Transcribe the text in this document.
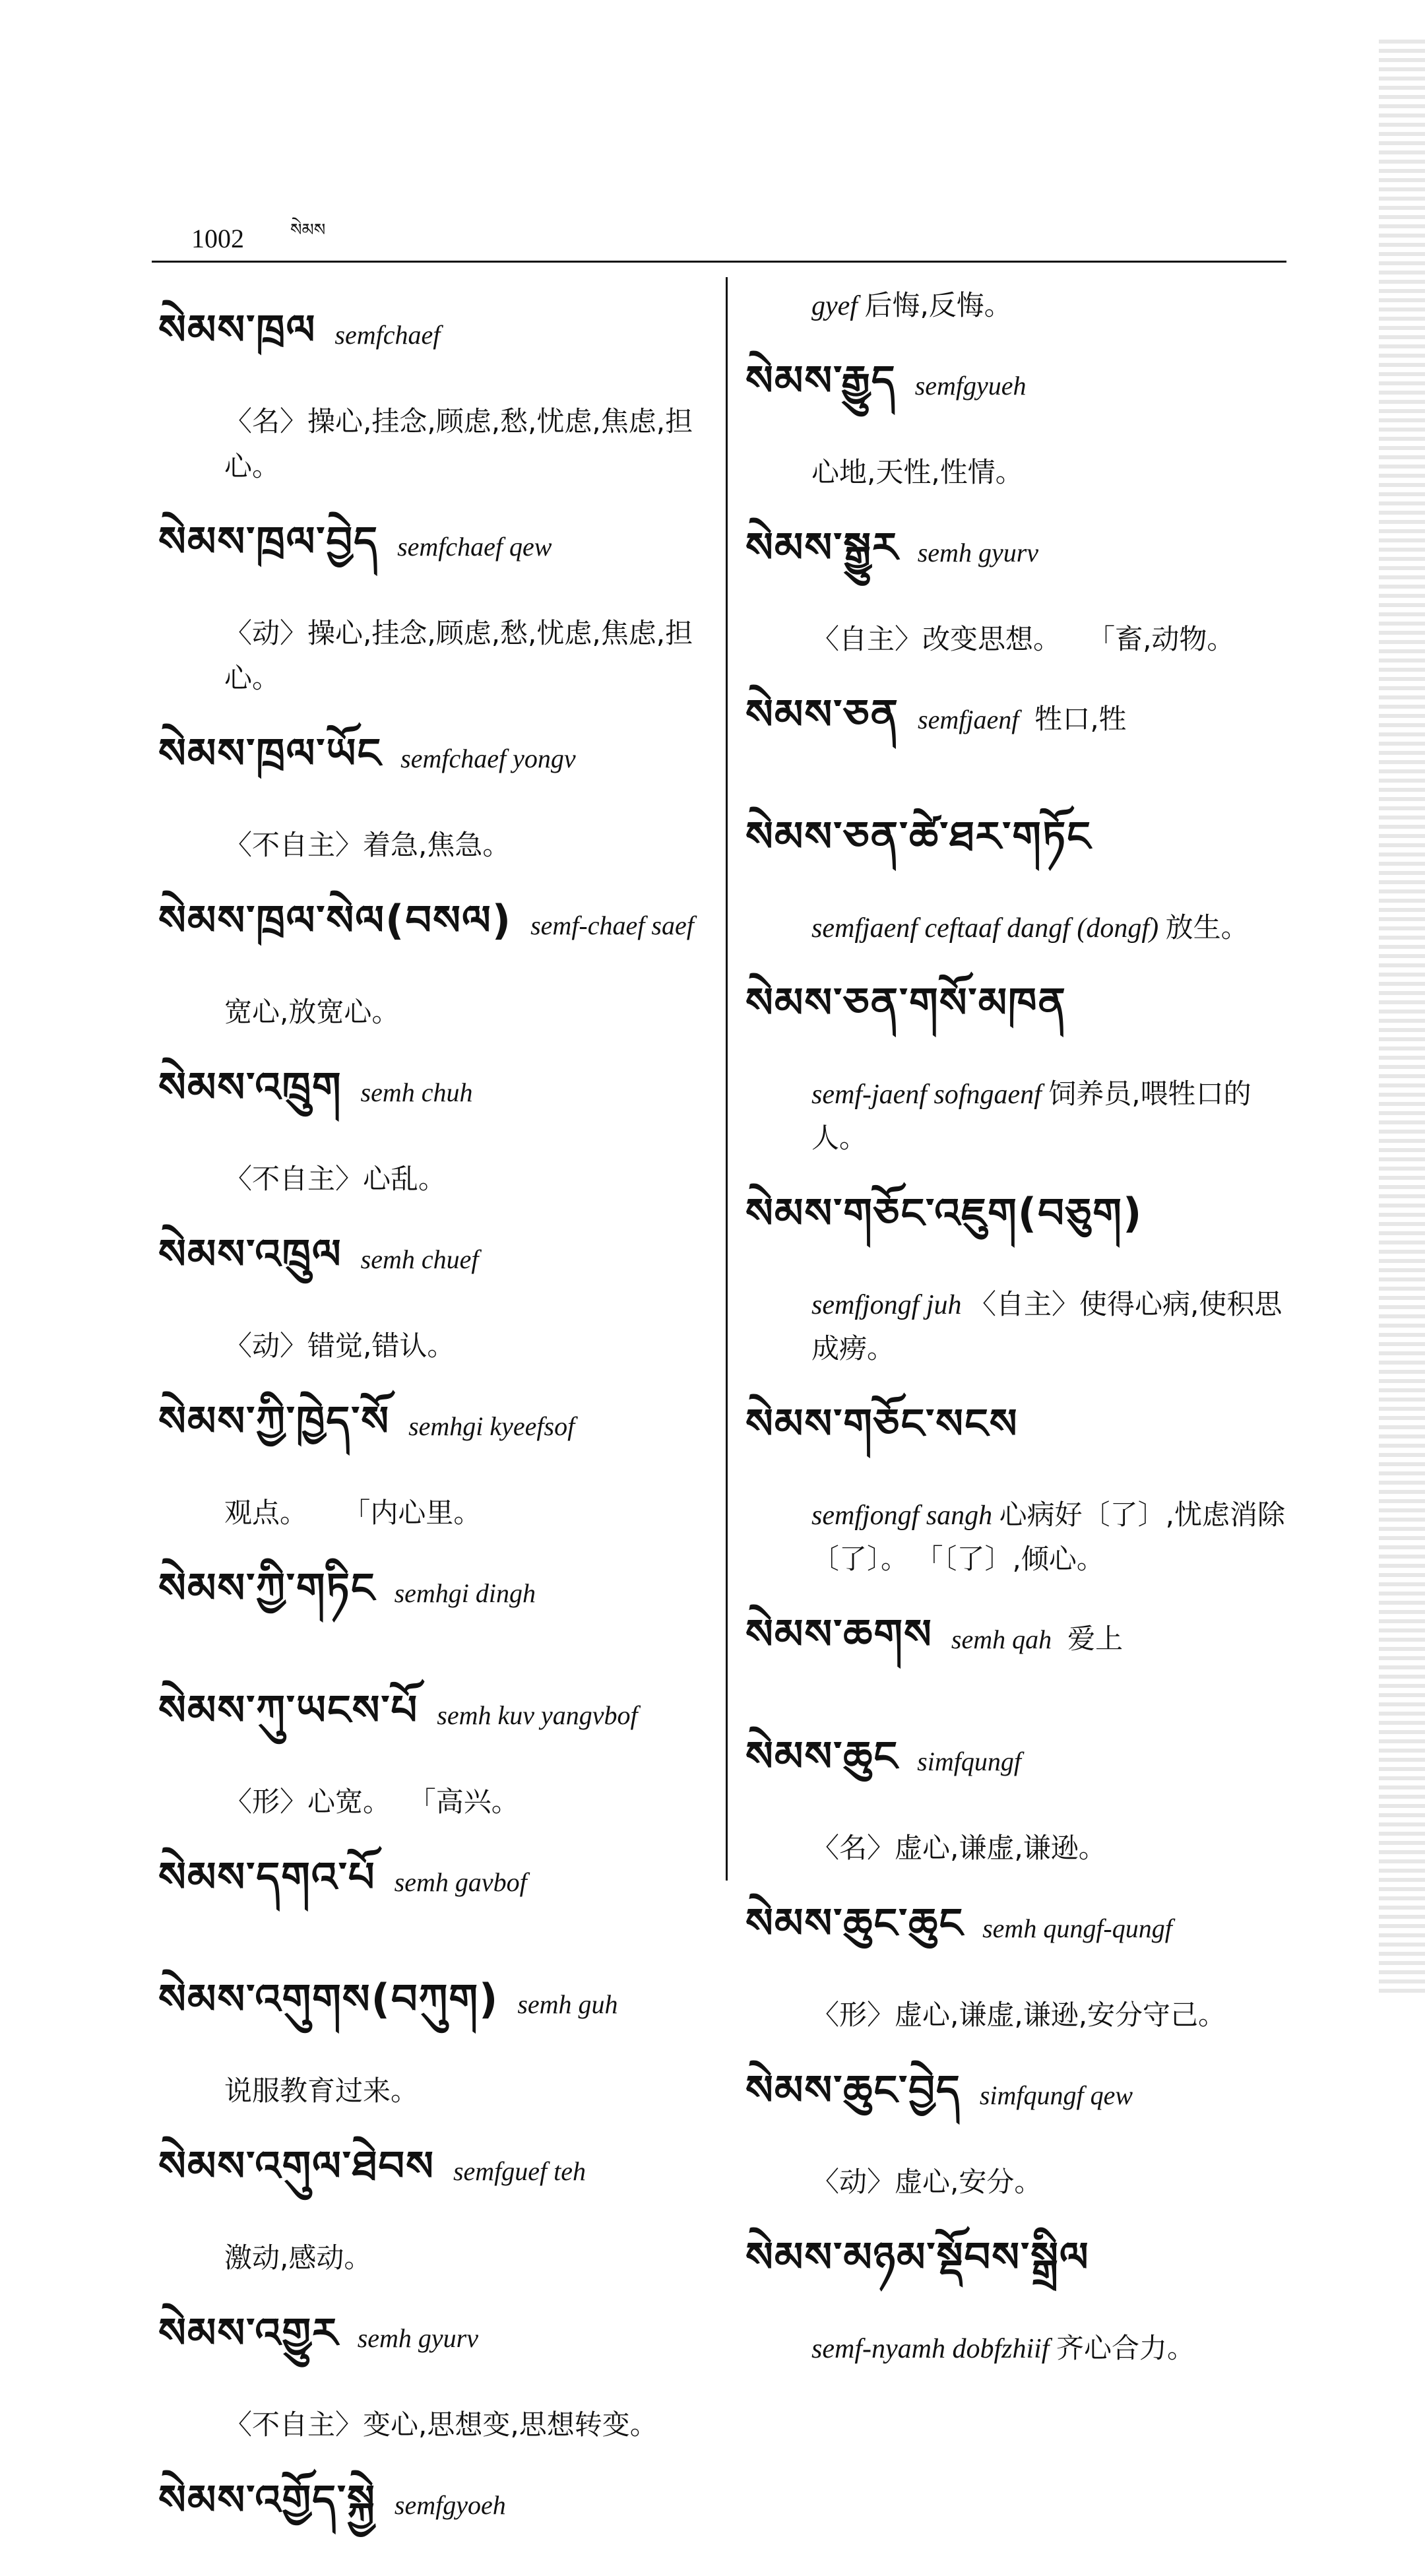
1002	$^{སེམས}$
སེམས་ཁྲལ semfchaef
〈名〉操心,挂念,顾虑,愁,忧虑,焦虑,担心。
སེམས་ཁྲལ་བྱེད semfchaef qew
〈动〉操心,挂念,顾虑,愁,忧虑,焦虑,担心。
སེམས་ཁྲལ་ཡོང semfchaef yongv
〈不自主〉着急,焦急。
སེམས་ཁྲལ་སེལ(བསལ) semf-chaef saef
宽心,放宽心。
སེམས་འཁྲུག semh chuh
〈不自主〉心乱。
སེམས་འཁྲུལ semh chuef
〈动〉错觉,错认。
སེམས་ཀྱི་ཁྱེད་སོ semhgi kyeefsof
观点。 「内心里。
སེམས་ཀྱི་གཏིང semhgi dingh
སེམས་ཀུ་ཡངས་པོ semh kuv yangvbof
〈形〉心宽。 「高兴。
སེམས་དགའ་པོ semh gavbof
སེམས་འགུགས(བཀུག) semh guh
说服教育过来。
སེམས་འགུལ་ཐེབས semfguef teh
激动,感动。
སེམས་འགྱུར semh gyurv
〈不自主〉变心,思想变,思想转变。
སེམས་འགྱོད་སྐྱེ semfgyoeh
gyef 后悔,反悔。
སེམས་རྒྱུད semfgyueh
心地,天性,性情。
སེམས་སྒྱུར semh gyurv
〈自主〉改变思想。 「畜,动物。
སེམས་ཅན semfjaenf 牲口,牲
སེམས་ཅན་ཚེ་ཐར་གཏོང
semfjaenf ceftaaf dangf (dongf) 放生。
སེམས་ཅན་གསོ་མཁན
semf-jaenf sofngaenf 饲养员,喂牲口的人。
སེམས་གཅོང་འཇུག(བཅུག)
semfjongf juh 〈自主〉使得心病,使积思成痨。
སེམས་གཅོང་སངས
semfjongf sangh 心病好〔了〕,忧虑消除〔了〕。 「〔了〕,倾心。
སེམས་ཆགས semh qah 爱上
སེམས་ཆུང simfqungf
〈名〉虚心,谦虚,谦逊。
སེམས་ཆུང་ཆུང semh qungf-qungf
〈形〉虚心,谦虚,谦逊,安分守己。
སེམས་ཆུང་བྱེད simfqungf qew
〈动〉虚心,安分。
སེམས་མཉམ་སྡོབས་སྒྲིལ
semf-nyamh dobfzhiif 齐心合力。
